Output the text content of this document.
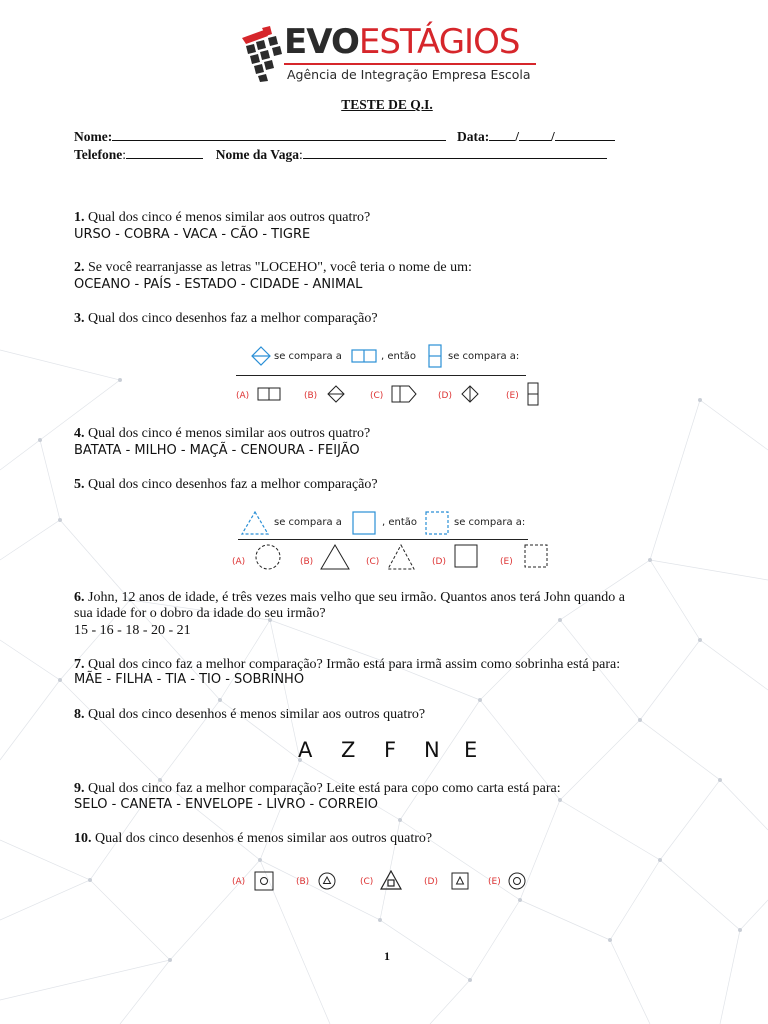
EVOESTÁGIOS
Agência de Integração Empresa Escola
TESTE DE Q.I.
Nome:	Data: / /
Telefone:	Nome da Vaga:
1. Qual dos cinco é menos similar aos outros quatro?
URSO - COBRA - VACA - CÃO - TIGRE
2. Se você rearranjasse as letras "LOCEHO", você teria o nome de um:
OCEANO - PAÍS - ESTADO - CIDADE - ANIMAL
3. Qual dos cinco desenhos faz a melhor comparação?
se compara a	, então	se compara a:
(A)	(B)	(C)	(D)	(E)
4. Qual dos cinco é menos similar aos outros quatro?
BATATA - MILHO - MAÇÃ - CENOURA - FEIJÃO
5. Qual dos cinco desenhos faz a melhor comparação?
se compara a	, então	se compara a:
(A)	(B)	(C)	(D)	(E)
6. John, 12 anos de idade, é três vezes mais velho que seu irmão. Quantos anos terá John quando a
sua idade for o dobro da idade do seu irmão?
15 - 16 - 18 - 20 - 21
7. Qual dos cinco faz a melhor comparação? Irmão está para irmã assim como sobrinha está para:
MÃE - FILHA - TIA - TIO - SOBRINHO
8. Qual dos cinco desenhos é menos similar aos outros quatro?
A Z F N E
9. Qual dos cinco faz a melhor comparação? Leite está para copo como carta está para:
SELO - CANETA - ENVELOPE - LIVRO - CORREIO
10. Qual dos cinco desenhos é menos similar aos outros quatro?
(A)	(B)	(C)	(D)	(E)
1
